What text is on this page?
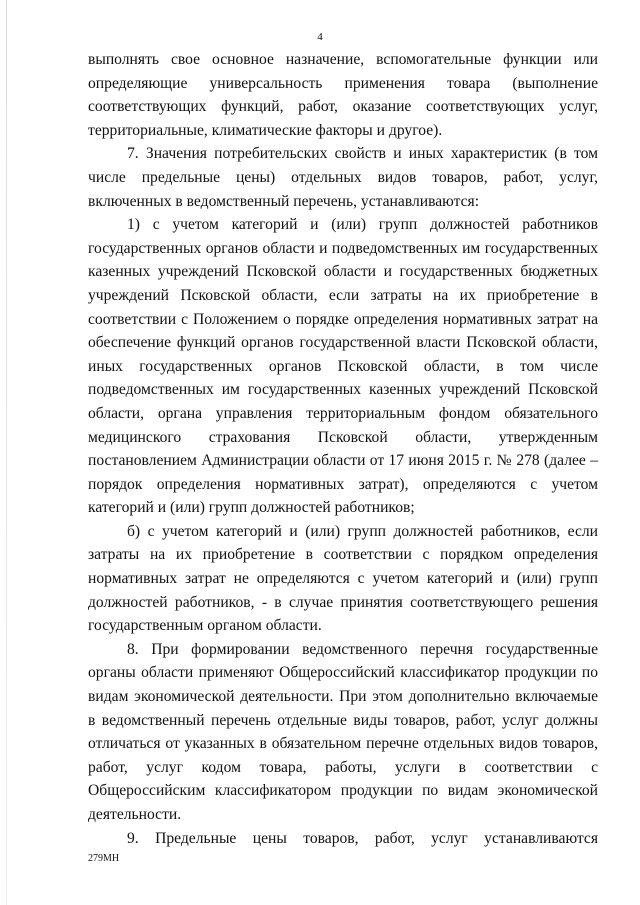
4

выполнять свое основное назначение, вспомогательные функции или определяющие универсальность применения товара (выполнение соответствующих функций, работ, оказание соответствующих услуг, территориальные, климатические факторы и другое).

7. Значения потребительских свойств и иных характеристик (в том числе предельные цены) отдельных видов товаров, работ, услуг, включенных в ведомственный перечень, устанавливаются:

1) с учетом категорий и (или) групп должностей работников государственных органов области и подведомственных им государственных казенных учреждений Псковской области и государственных бюджетных учреждений Псковской области, если затраты на их приобретение в соответствии с Положением о порядке определения нормативных затрат на обеспечение функций органов государственной власти Псковской области, иных государственных органов Псковской области, в том числе подведомственных им государственных казенных учреждений Псковской области, органа управления территориальным фондом обязательного медицинского страхования Псковской области, утвержденным постановлением Администрации области от 17 июня 2015 г. № 278 (далее – порядок определения нормативных затрат), определяются с учетом категорий и (или) групп должностей работников;

б) с учетом категорий и (или) групп должностей работников, если затраты на их приобретение в соответствии с порядком определения нормативных затрат не определяются с учетом категорий и (или) групп должностей работников, - в случае принятия соответствующего решения государственным органом области.

8. При формировании ведомственного перечня государственные органы области применяют Общероссийский классификатор продукции по видам экономической деятельности. При этом дополнительно включаемые в ведомственный перечень отдельные виды товаров, работ, услуг должны отличаться от указанных в обязательном перечне отдельных видов товаров, работ, услуг кодом товара, работы, услуги в соответствии с Общероссийским классификатором продукции по видам экономической деятельности.

9. Предельные цены товаров, работ, услуг устанавливаются

279МН
